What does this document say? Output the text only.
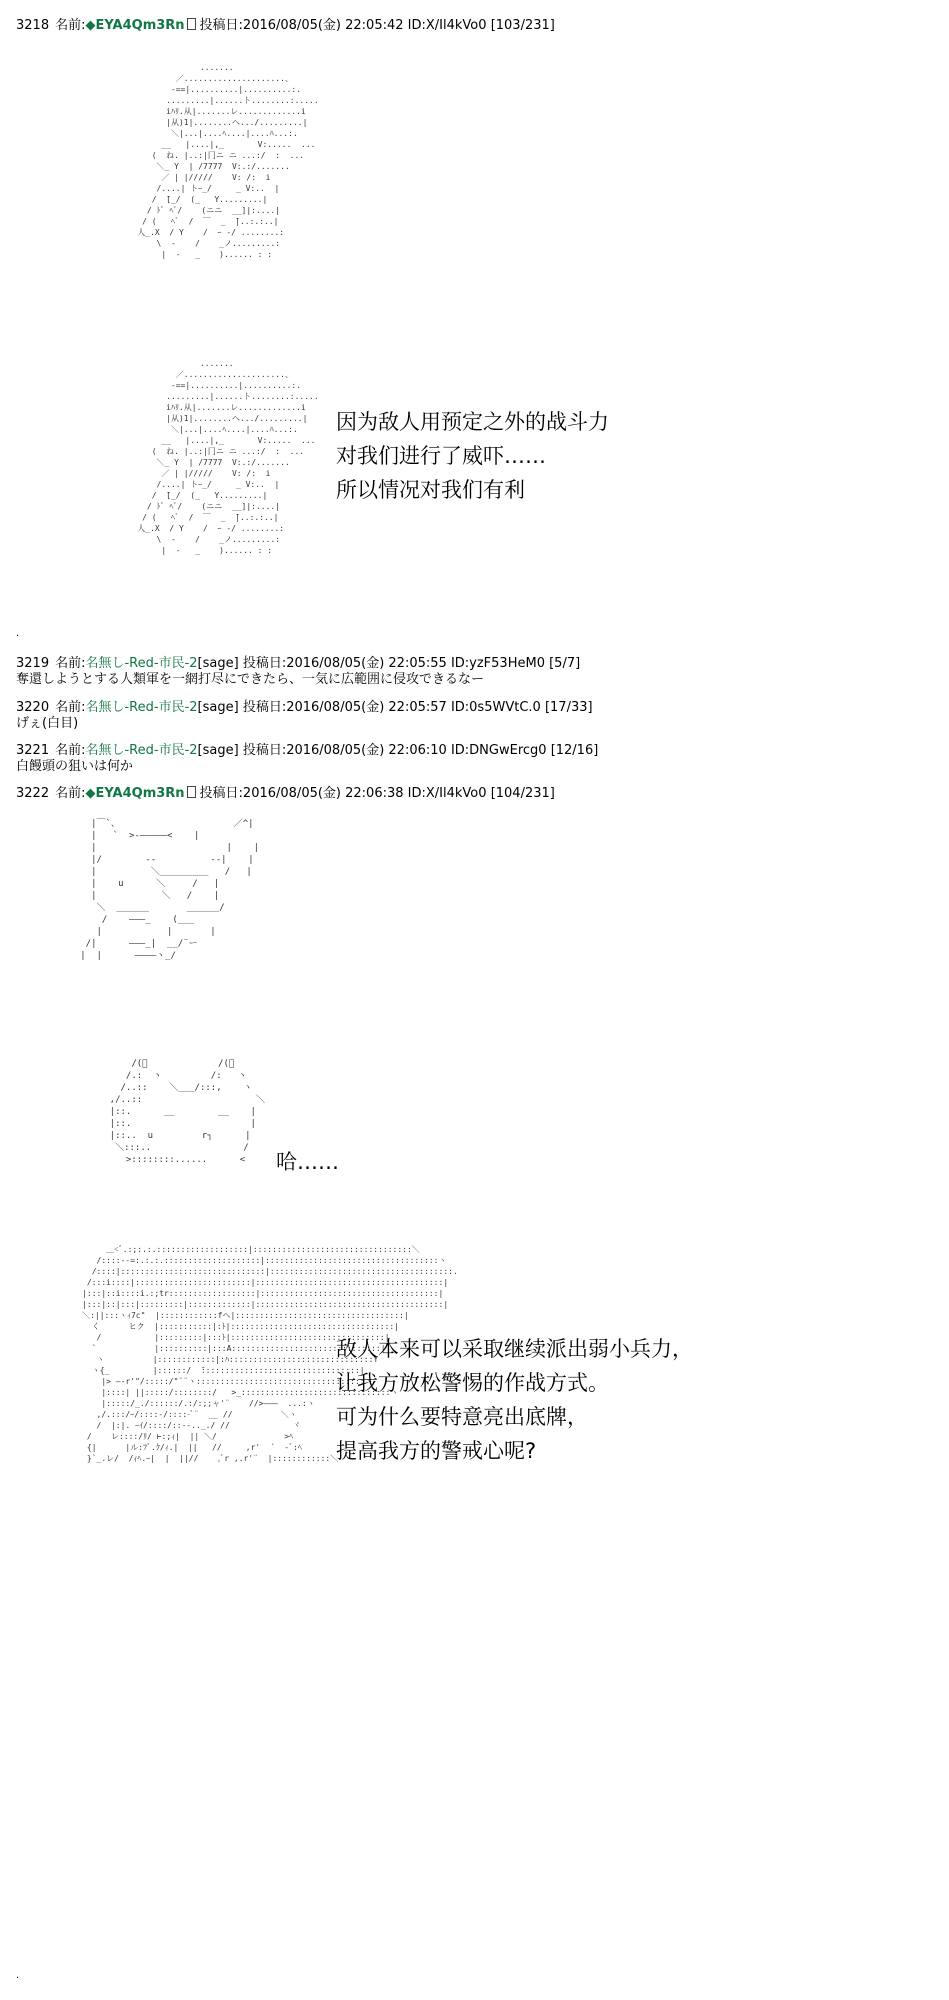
3218 名前:◆EYA4Qm3Rn 投稿日:2016/08/05(金) 22:05:42 ID:X/Il4kVo0 [103/231]
.......
／.....................、
-==|..........|..........:.
.........|......ト........:.....
iﾊﾘ.从|.......レ.............i
|从)1|........ヘ.../.........|
＼|...|....ﾍ....|....ﾊ...:.
__   |....|,_       V:.....  ...
(  ね. |..:|冂ニ ニ ...:/  :  ...
＼_ Y  | /7777  V:.:/.......
／ | |/////    V: /:  i
/....| トｰ_/     _ V:..  |
/  ̄[_/  (_   Y.........|
/ ﾄﾞ ﾍﾞ/    (ニニ  __]|:....|
/ (   ﾍﾞ  /  ￣  _  ̄|..:.:..|
人_.X  / Y    /  ｰ ‐/ ........:
\  ‐    /    _ノ.........:
|  ‐   _    )...... : :
.......
／.....................、
-==|..........|..........:.
.........|......ト........:.....
iﾊﾘ.从|.......レ.............i
|从)1|........ヘ.../.........|
＼|...|....ﾍ....|....ﾊ...:.
__   |....|,_       V:.....  ...
(  ね. |..:|冂ニ ニ ...:/  :  ...
＼_ Y  | /7777  V:.:/.......
／ | |/////    V: /:  i
/....| トｰ_/     _ V:..  |
/  ̄[_/  (_   Y.........|
/ ﾄﾞ ﾍﾞ/    (ニニ  __]|:....|
/ (   ﾍﾞ  /  ￣  _  ̄|..:.:..|
人_.X  / Y    /  ｰ ‐/ ........:
\  ‐    /    _ノ.........:
|  ‐   _    )...... : :
因为敌人用预定之外的战斗力
对我们进行了威吓……
所以情况对我们有利
.
3219 名前:名無し-Red-市民-2[sage] 投稿日:2016/08/05(金) 22:05:55 ID:yzF53HeM0 [5/7]
奪還しようとする人類軍を一網打尽にできたら、一気に広範囲に侵攻できるなー
3220 名前:名無し-Red-市民-2[sage] 投稿日:2016/08/05(金) 22:05:57 ID:0s5WVtC.0 [17/33]
げぇ(白目)
3221 名前:名無し-Red-市民-2[sage] 投稿日:2016/08/05(金) 22:06:10 ID:DNGwErcg0 [12/16]
白饅頭の狙いは何か
3222 名前:◆EYA4Qm3Rn 投稿日:2016/08/05(金) 22:06:38 ID:X/Il4kVo0 [104/231]
|￣`、                     ／^|
|   `  >-―――――<    |
|                        |    |
|/        --          --|    |
|          ＼_________   /   |
|    u      ＼     /   |
|            ＼   /    |
＼  ______       ______/
/    ―――_    (___
|            |       |
/|      ―――_|  __/¨ー
|  |      ――――ヽ_/
/(ﾞ             /(ﾞ
/.:  ヽ         /:   ヽ
/..::    ＼___/:::,    ヽ
,/..::                     ＼
|::.      __        __    |
|::.                      |
|::..  u         r┐      |
＼:::..                 /
>::::::::......      <	哈……
＿<ﾞ.:;:.:.:::::::::::::::::::|:::::::::::::::::::::::::::::::::＼
/::::--=:.:.:.::::::::::::::::::::|::::::::::::::::::::::::::::::::::::ヽ
/::::|::::::::::::::::::::::::::::::|::::::::::::::::::::::::::::::::::::::.
/:::i::::|::::::::::::::::::::::::|:::::::::::::::::::::::::::::::::::::::|
|:::|::i::::i.:;tr::::::::::::::::::|:::::::::::::::::::::::::::::::::::::|
|:::|::|:::|:::::::::|:::::::::::::|:::::::::::::::::::::::::::::::::::::::|
＼:||:::ヽｨ7c"  |::::::::::::fヘ|:::::::::::::::::::::::::::::::::::|
く      ヒク  |:::::::::::|:ﾄ|::::::::::::::::::::::::::::::::::|
/           |:::::::::|:::ﾄ|::::::::::::::::::::::::::::::::|
`            |::::::::::|:::A:::::::::::::::::::::::::::::::|
ヽ          |::::::::::::|:ﾊ::::::::::::::::::::::::::::::Y
ヽ{_         |::::::/  ̄:::::::::::::::::::::::::::::::::|
|> ―-r'"/:::::/"¨¨ヽ:::::::::::::::::::::::::::::::::::ヽ
|::::| ||:::::/::::::::/   >_:::::::::::::::::::::::::::::::ヽ
|:::::/_./::::::/.:/:;;ャ'¨    //>―――  ...:ヽ
,/.:::/ｰ/::::-/::::-ﾞ¨  __ //          ＼ヽ
/  |:|. ｰｲ/::::/::--.._./ //             ヾ
/    レ::::/ﾘ/ ⊢:;ｨ|  || ＼/              >ﾍ
{|      |ル:ﾌﾞ.ｸ/ｨ.|  ||   //     ,r'  ´  -ﾞ:ﾍ
}`_.レ/  /ｨﾍ.ｰ|  |  ||//    ,ﾞr ,.r'¨  |::::::::::::＼
敌人本来可以采取继续派出弱小兵力，
让我方放松警惕的作战方式。
可为什么要特意亮出底牌，
提高我方的警戒心呢?
.
